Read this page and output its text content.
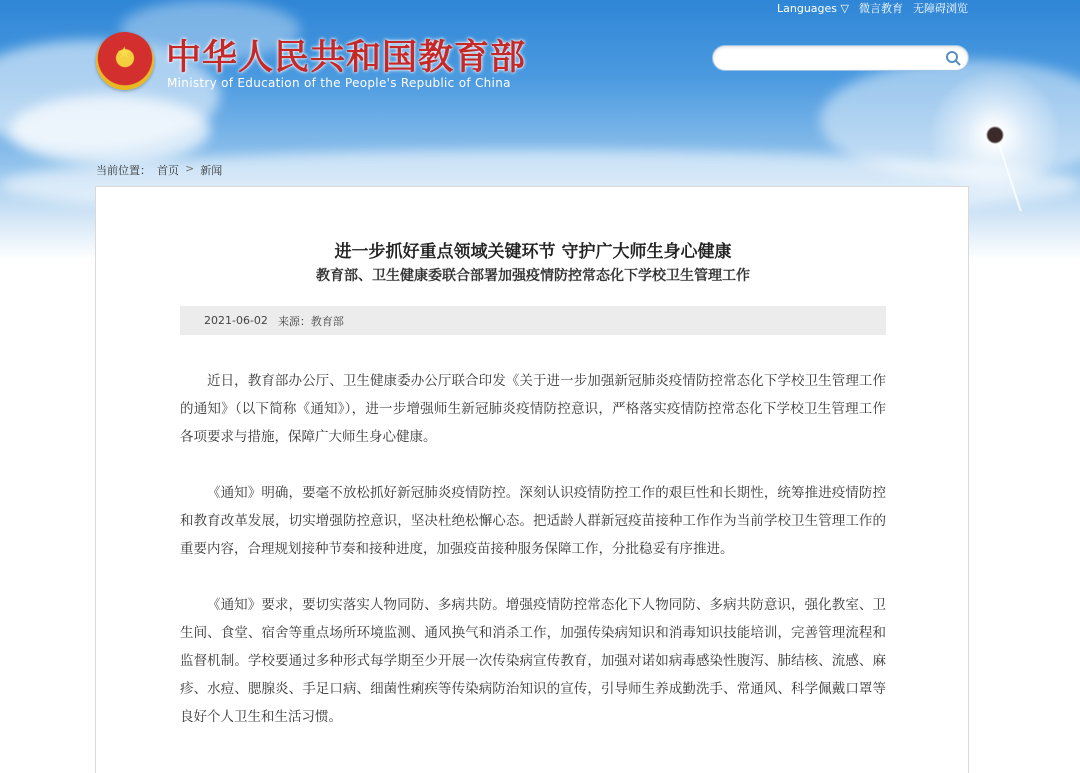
Languages ▽ 微言教育 无障碍浏览
★ 中华人民共和国教育部
Ministry of Education of the People's Republic of China
当前位置： 首页 > 新闻
进一步抓好重点领域关键环节 守护广大师生身心健康
教育部、卫生健康委联合部署加强疫情防控常态化下学校卫生管理工作
2021-06-02 来源：教育部

近日，教育部办公厅、卫生健康委办公厅联合印发《关于进一步加强新冠肺炎疫情防控常态化下学校卫生管理工作的通知》（以下简称《通知》），进一步增强师生新冠肺炎疫情防控意识，严格落实疫情防控常态化下学校卫生管理工作各项要求与措施，保障广大师生身心健康。

《通知》明确，要毫不放松抓好新冠肺炎疫情防控。深刻认识疫情防控工作的艰巨性和长期性，统筹推进疫情防控和教育改革发展，切实增强防控意识，坚决杜绝松懈心态。把适龄人群新冠疫苗接种工作作为当前学校卫生管理工作的重要内容，合理规划接种节奏和接种进度，加强疫苗接种服务保障工作，分批稳妥有序推进。

《通知》要求，要切实落实人物同防、多病共防。增强疫情防控常态化下人物同防、多病共防意识，强化教室、卫生间、食堂、宿舍等重点场所环境监测、通风换气和消杀工作，加强传染病知识和消毒知识技能培训，完善管理流程和监督机制。学校要通过多种形式每学期至少开展一次传染病宣传教育，加强对诺如病毒感染性腹泻、肺结核、流感、麻疹、水痘、腮腺炎、手足口病、细菌性痢疾等传染病防治知识的宣传，引导师生养成勤洗手、常通风、科学佩戴口罩等良好个人卫生和生活习惯。
